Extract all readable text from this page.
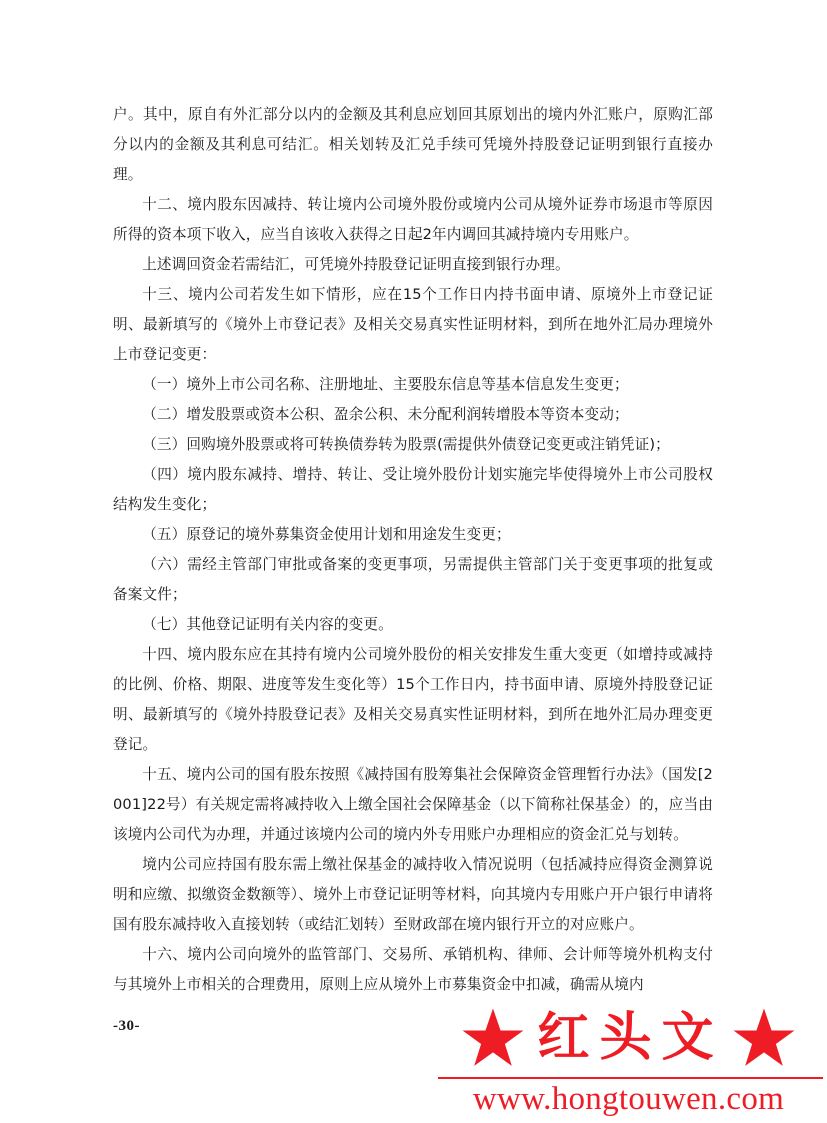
户。其中，原自有外汇部分以内的金额及其利息应划回其原划出的境内外汇账户，原购汇部分以内的金额及其利息可结汇。相关划转及汇兑手续可凭境外持股登记证明到银行直接办理。

十二、境内股东因减持、转让境内公司境外股份或境内公司从境外证券市场退市等原因所得的资本项下收入，应当自该收入获得之日起2年内调回其减持境内专用账户。

上述调回资金若需结汇，可凭境外持股登记证明直接到银行办理。

十三、境内公司若发生如下情形，应在15个工作日内持书面申请、原境外上市登记证明、最新填写的《境外上市登记表》及相关交易真实性证明材料，到所在地外汇局办理境外上市登记变更：

（一）境外上市公司名称、注册地址、主要股东信息等基本信息发生变更；

（二）增发股票或资本公积、盈余公积、未分配利润转增股本等资本变动；

（三）回购境外股票或将可转换债券转为股票(需提供外债登记变更或注销凭证)；

（四）境内股东减持、增持、转让、受让境外股份计划实施完毕使得境外上市公司股权结构发生变化；

（五）原登记的境外募集资金使用计划和用途发生变更；

（六）需经主管部门审批或备案的变更事项，另需提供主管部门关于变更事项的批复或备案文件；

（七）其他登记证明有关内容的变更。

十四、境内股东应在其持有境内公司境外股份的相关安排发生重大变更（如增持或减持的比例、价格、期限、进度等发生变化等）15个工作日内，持书面申请、原境外持股登记证明、最新填写的《境外持股登记表》及相关交易真实性证明材料，到所在地外汇局办理变更登记。

十五、境内公司的国有股东按照《减持国有股筹集社会保障资金管理暂行办法》（国发[2001]22号）有关规定需将减持收入上缴全国社会保障基金（以下简称社保基金）的，应当由该境内公司代为办理，并通过该境内公司的境内外专用账户办理相应的资金汇兑与划转。

境内公司应持国有股东需上缴社保基金的减持收入情况说明（包括减持应得资金测算说明和应缴、拟缴资金数额等）、境外上市登记证明等材料，向其境内专用账户开户银行申请将国有股东减持收入直接划转（或结汇划转）至财政部在境内银行开立的对应账户。

十六、境内公司向境外的监管部门、交易所、承销机构、律师、会计师等境外机构支付与其境外上市相关的合理费用，原则上应从境外上市募集资金中扣减，确需从境内

-30-	红头文
www.hongtouwen.com
